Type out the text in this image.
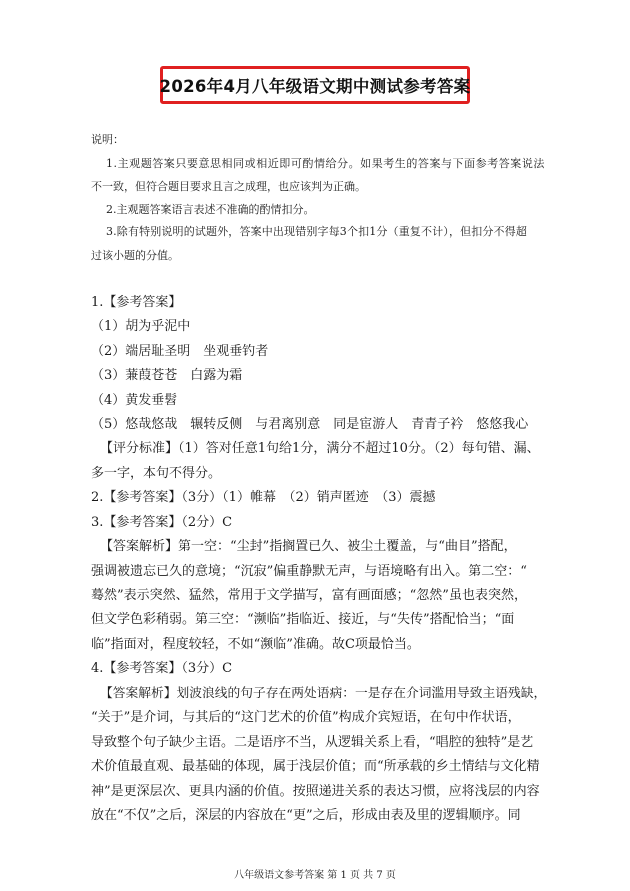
2026年4月八年级语文期中测试参考答案
说明：
1.主观题答案只要意思相同或相近即可酌情给分。如果考生的答案与下面参考答案说法
不一致，但符合题目要求且言之成理，也应该判为正确。
2.主观题答案语言表述不准确的酌情扣分。
3.除有特别说明的试题外，答案中出现错别字每3个扣1分（重复不计），但扣分不得超
过该小题的分值。
1.【参考答案】
（1）胡为乎泥中
（2）端居耻圣明　坐观垂钓者
（3）蒹葭苍苍　白露为霜
（4）黄发垂髫
（5）悠哉悠哉　辗转反侧　与君离别意　同是宦游人　青青子衿　悠悠我心
【评分标准】（1）答对任意1句给1分，满分不超过10分。（2）每句错、漏、
多一字，本句不得分。
2.【参考答案】（3分）（1）帷幕　（2）销声匿迹　（3）震撼
3.【参考答案】（2分）C
【答案解析】第一空：“尘封”指搁置已久、被尘土覆盖，与“曲目”搭配，
强调被遗忘已久的意境；“沉寂”偏重静默无声，与语境略有出入。第二空：“
蓦然”表示突然、猛然，常用于文学描写，富有画面感；“忽然”虽也表突然，
但文学色彩稍弱。第三空：“濒临”指临近、接近，与“失传”搭配恰当；“面
临”指面对，程度较轻，不如“濒临”准确。故C项最恰当。
4.【参考答案】（3分）C
【答案解析】划波浪线的句子存在两处语病：一是存在介词滥用导致主语残缺，
“关于”是介词，与其后的“这门艺术的价值”构成介宾短语，在句中作状语，
导致整个句子缺少主语。二是语序不当，从逻辑关系上看，“唱腔的独特”是艺
术价值最直观、最基础的体现，属于浅层价值；而“所承载的乡土情结与文化精
神”是更深层次、更具内涵的价值。按照递进关系的表达习惯，应将浅层的内容
放在“不仅”之后，深层的内容放在“更”之后，形成由表及里的逻辑顺序。同
八年级语文参考答案 第 1 页 共 7 页
